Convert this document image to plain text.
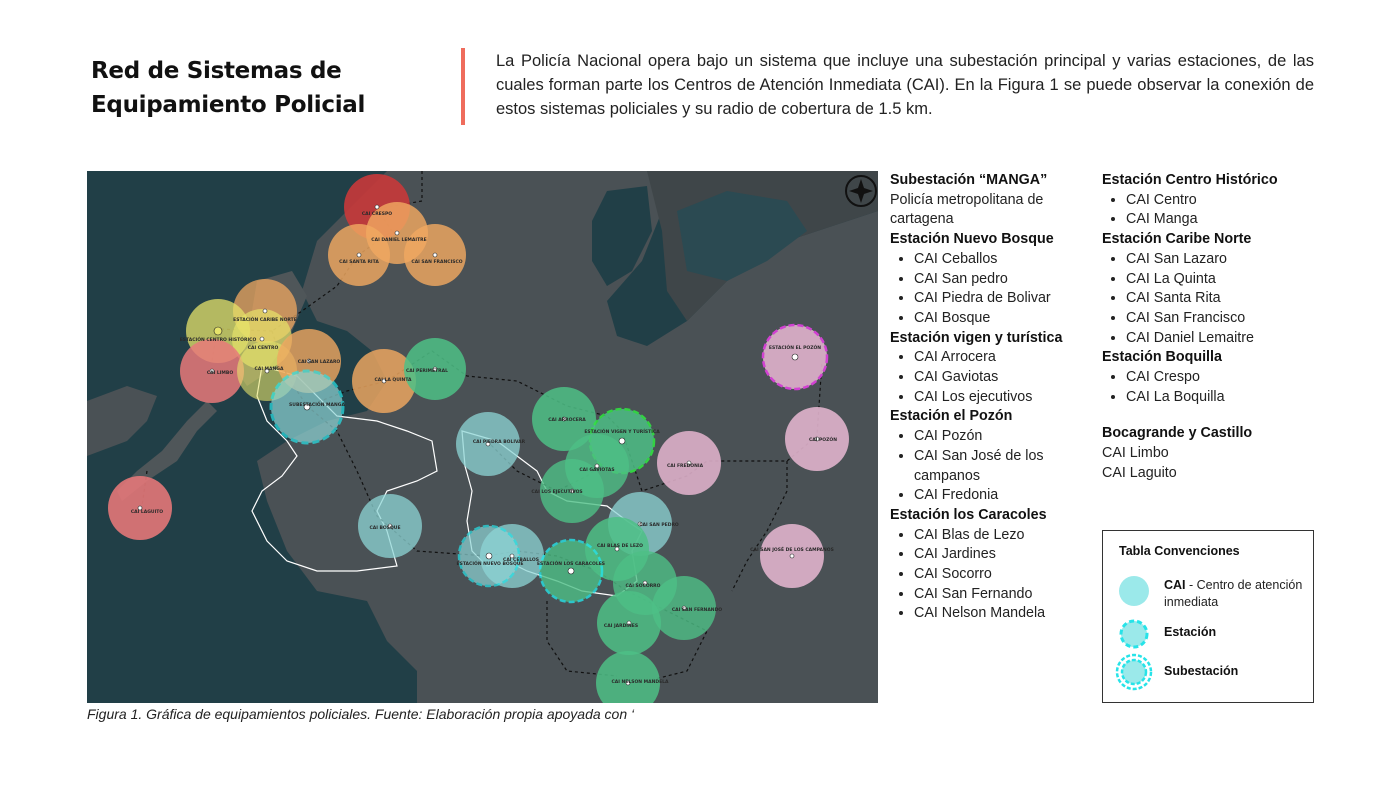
Red de Sistemas de
Equipamiento Policial
La Policía Nacional opera bajo un sistema que incluye una subestación principal y varias estaciones, de las cuales forman parte los Centros de Atención Inmediata (CAI). En la Figura 1 se puede observar la conexión de estos sistemas policiales y su radio de cobertura de 1.5 km.
CAI CRESPO
CAI DANIEL LEMAITRE
CAI SANTA RITA	CAI SAN FRANCISCO
ESTACIÓN CARIBE NORTE
ESTACIÓN CENTRO HISTÓRICO
CAI CENTRO
CAI SAN LAZARO
CAI MANGA
CAI LA QUINTA
CAI PERIMETRAL
CAI LIMBO
SUBESTACIÓN MANGA
CAI LAGUITO
CAI PIEDRA BOLIVAR
CAI ARROCERA
ESTACIÓN VIGEN Y TURÍSTICA
CAI GAVIOTAS
CAI LOS EJECUTIVOS
CAI FREDONIA
ESTACIÓN EL POZÓN
CAI POZÓN
CAI SAN JOSÉ DE LOS CAMPANOS
CAI SAN PEDRO
CAI BLAS DE LEZO
CAI BOSQUE
CAI CEBALLOS
ESTACIÓN NUEVO BOSQUE	ESTACIÓN LOS CARACOLES
CAI SOCORRO
CAI SAN FERNANDO
CAI JARDINES
CAI NELSON MANDELA
Figura 1. Gráfica de equipamientos policiales. Fuente: Elaboración propia apoyada con ‘
Subestación “MANGA”

Policía metropolitana de cartagena

Estación Nuevo Bosque
• CAI Ceballos
• CAI San pedro
• CAI Piedra de Bolivar
• CAI Bosque
Estación vigen y turística
• CAI Arrocera
• CAI Gaviotas
• CAI Los ejecutivos
Estación el Pozón
• CAI Pozón
• CAI San José de los campanos
• CAI Fredonia
Estación los Caracoles
• CAI Blas de Lezo
• CAI Jardines
• CAI Socorro
• CAI San Fernando
• CAI Nelson Mandela
Estación Centro Histórico
• CAI Centro
• CAI Manga
Estación Caribe Norte
• CAI San Lazaro
• CAI La Quinta
• CAI Santa Rita
• CAI San Francisco
• CAI Daniel Lemaitre
Estación Boquilla
• CAI Crespo
• CAI La Boquilla
Bocagrande y Castillo

CAI Limbo

CAI Laguito

Tabla Convenciones
CAI - Centro de atención inmediata
Estación
Subestación
